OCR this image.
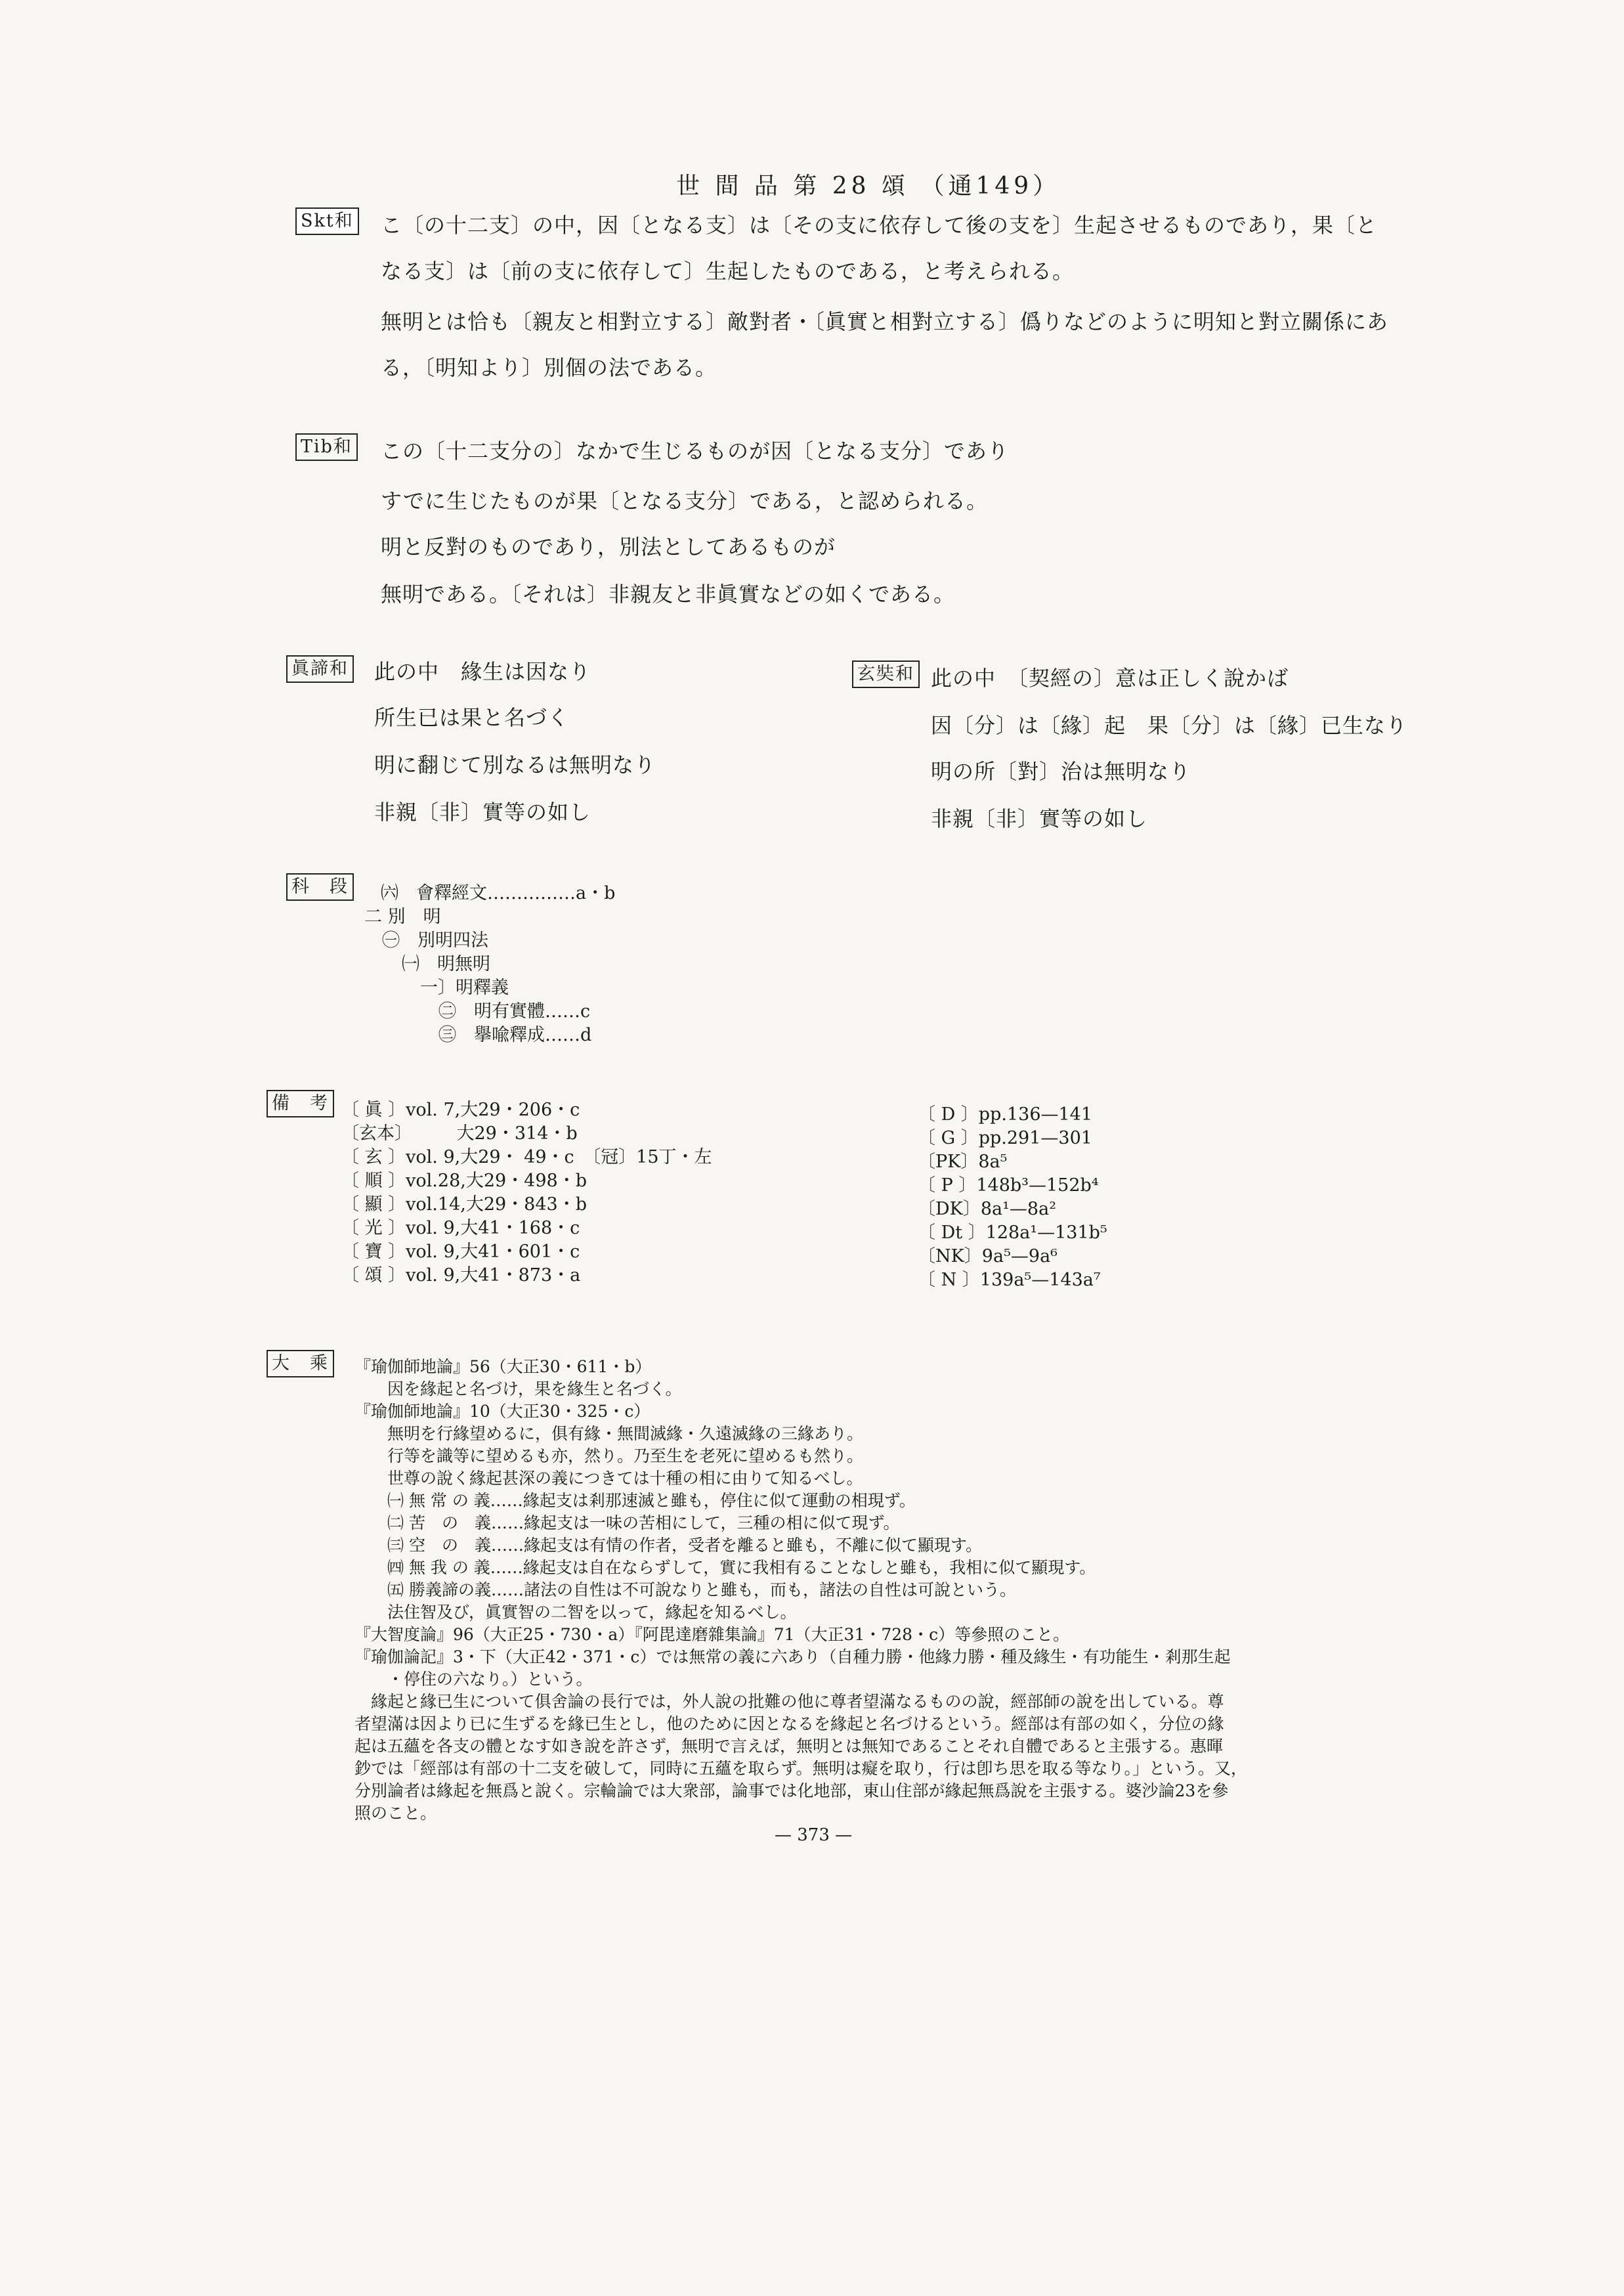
世 間 品 第 28 頌 （通149）
Skt和 こ〔の十二支〕の中，因〔となる支〕は〔その支に依存して後の支を〕生起させるものであり，果〔と
なる支〕は〔前の支に依存して〕生起したものである，と考えられる。
無明とは恰も〔親友と相對立する〕敵對者・〔眞實と相對立する〕僞りなどのように明知と對立關係にあ
る，〔明知より〕別個の法である。
Tib和 この〔十二支分の〕なかで生じるものが因〔となる支分〕であり
すでに生じたものが果〔となる支分〕である，と認められる。
明と反對のものであり，別法としてあるものが
無明である。〔それは〕非親友と非眞實などの如くである。
眞諦和 此の中　緣生は因なり
所生已は果と名づく
明に翻じて別なるは無明なり
非親〔非〕實等の如し
玄奘和 此の中　〔契經の〕意は正しく說かば
因〔分〕は〔緣〕起　果〔分〕は〔緣〕已生なり
明の所〔對〕治は無明なり
非親〔非〕實等の如し
科　段 ㈥　會釋經文……………a・b
二 別　明
㊀　別明四法
㈠　明無明
一〕明釋義
㊁　明有實體……c
㊂　擧喩釋成……d
備　考 〔 眞 〕vol. 7,大29・206・c
〔玄本〕　　　大29・314・b
〔 玄 〕vol. 9,大29・ 49・c　〔冠〕15丁・左
〔 順 〕vol.28,大29・498・b
〔 顯 〕vol.14,大29・843・b
〔 光 〕vol. 9,大41・168・c
〔 寶 〕vol. 9,大41・601・c
〔 頌 〕vol. 9,大41・873・a
〔 D 〕pp.136—141
〔 G 〕pp.291—301
〔PK〕8a⁵
〔 P 〕148b³—152b⁴
〔DK〕8a¹—8a²
〔 Dt 〕128a¹—131b⁵
〔NK〕9a⁵—9a⁶
〔 N 〕139a⁵—143a⁷
大　乘	『瑜伽師地論』56（大正30・611・b）
　　因を緣起と名づけ，果を緣生と名づく。
『瑜伽師地論』10（大正30・325・c）
　　無明を行緣望めるに，俱有緣・無間滅緣・久遠滅緣の三緣あり。
　　行等を識等に望めるも亦，然り。乃至生を老死に望めるも然り。
　　世尊の說く緣起甚深の義につきては十種の相に由りて知るべし。
　　㈠ 無 常 の 義……緣起支は剎那速滅と雖も，停住に似て運動の相現ず。
　　㈡ 苦　の　義……緣起支は一味の苦相にして，三種の相に似て現ず。
　　㈢ 空　の　義……緣起支は有情の作者，受者を離ると雖も，不離に似て顯現す。
　　㈣ 無 我 の 義……緣起支は自在ならずして，實に我相有ることなしと雖も，我相に似て顯現す。
　　㈤ 勝義諦の義……諸法の自性は不可說なりと雖も，而も，諸法の自性は可說という。
　　法住智及び，眞實智の二智を以って，緣起を知るべし。
『大智度論』96（大正25・730・a）『阿毘達磨雜集論』71（大正31・728・c）等參照のこと。
『瑜伽論記』3・下（大正42・371・c）では無常の義に六あり（自種力勝・他緣力勝・種及緣生・有功能生・剎那生起
　　・停住の六なり。）という。
　緣起と緣已生について俱舍論の長行では，外人說の批難の他に尊者望滿なるものの說，經部師の說を出している。尊
者望滿は因より已に生ずるを緣已生とし，他のために因となるを緣起と名づけるという。經部は有部の如く，分位の緣
起は五蘊を各支の體となす如き說を許さず，無明で言えば，無明とは無知であることそれ自體であると主張する。惠暉
鈔では「經部は有部の十二支を破して，同時に五蘊を取らず。無明は癡を取り，行は卽ち思を取る等なり。」という。又，
分別論者は緣起を無爲と說く。宗輪論では大衆部，論事では化地部，東山住部が緣起無爲說を主張する。婆沙論23を參
照のこと。
— 373 —
